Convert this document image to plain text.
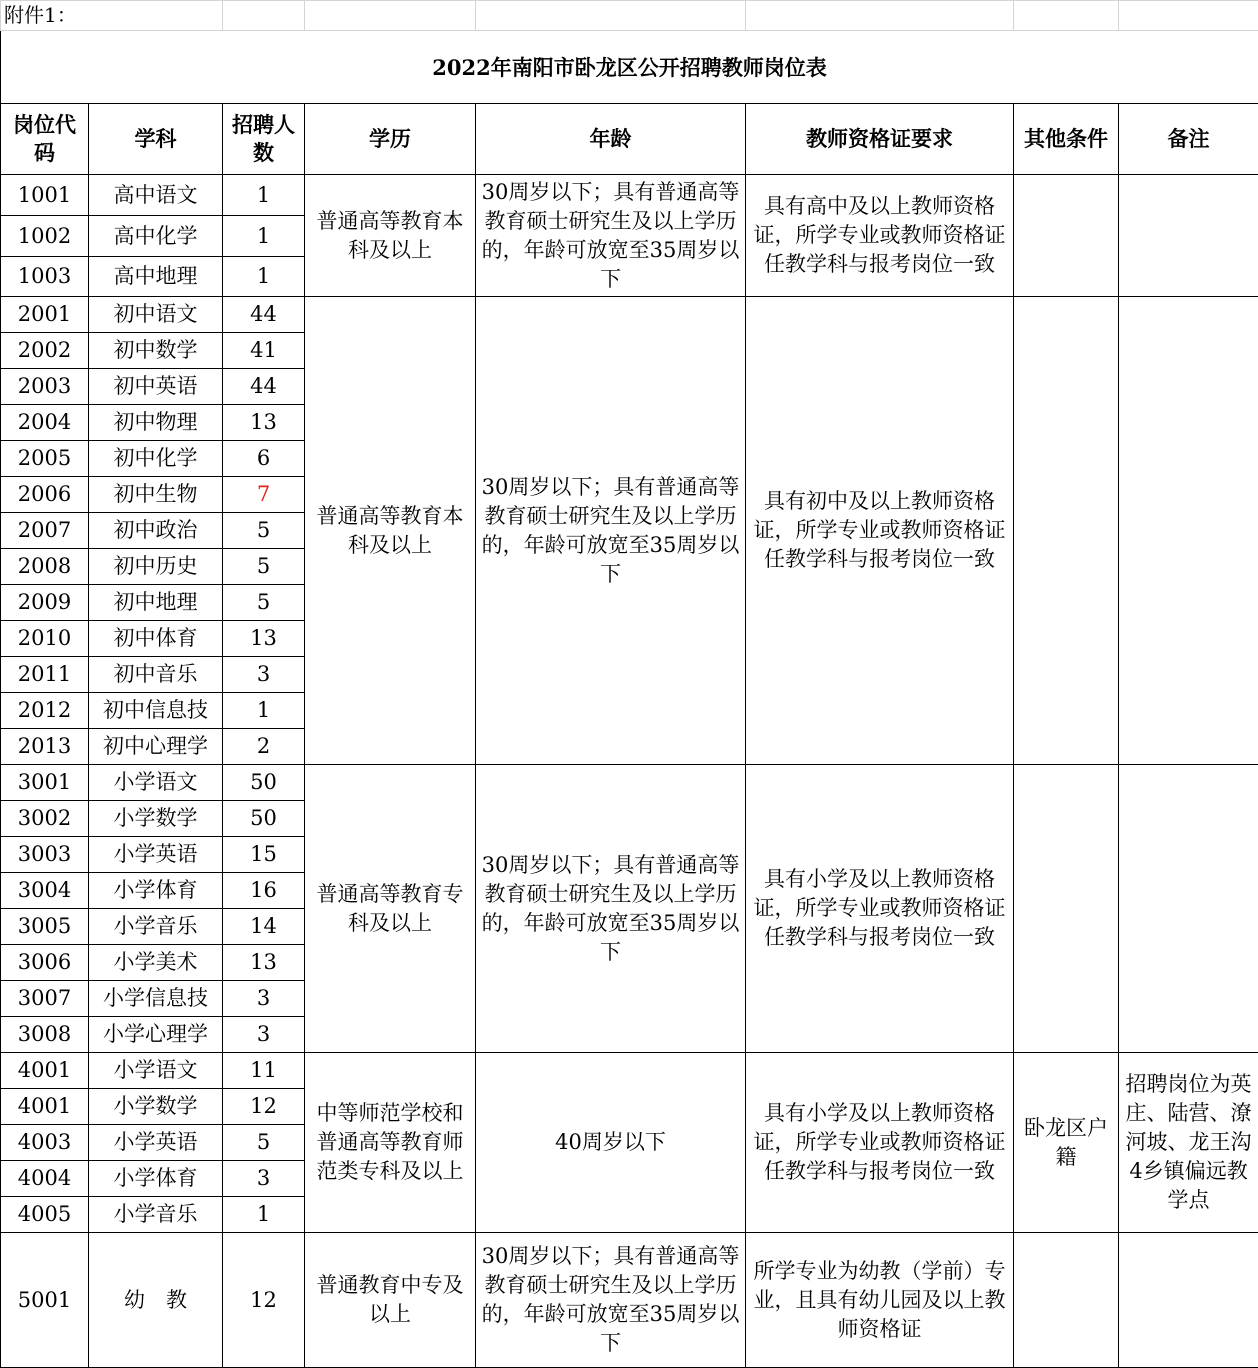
附件1：							
2022年南阳市卧龙区公开招聘教师岗位表							
岗位代码	学科	招聘人数	学历	年龄	教师资格证要求	其他条件	备注
1001	高中语文	1	普通高等教育本科及以上	30周岁以下；具有普通高等教育硕士研究生及以上学历的，年龄可放宽至35周岁以下	具有高中及以上教师资格证，所学专业或教师资格证任教学科与报考岗位一致		
1002	高中化学	1					
1003	高中地理	1					
2001	初中语文	44	普通高等教育本科及以上	30周岁以下；具有普通高等教育硕士研究生及以上学历的，年龄可放宽至35周岁以下	具有初中及以上教师资格证，所学专业或教师资格证任教学科与报考岗位一致		
2002	初中数学	41					
2003	初中英语	44					
2004	初中物理	13					
2005	初中化学	6					
2006	初中生物	7					
2007	初中政治	5					
2008	初中历史	5					
2009	初中地理	5					
2010	初中体育	13					
2011	初中音乐	3					
2012	初中信息技	1					
2013	初中心理学	2					
3001	小学语文	50	普通高等教育专科及以上	30周岁以下；具有普通高等教育硕士研究生及以上学历的，年龄可放宽至35周岁以下	具有小学及以上教师资格证，所学专业或教师资格证任教学科与报考岗位一致		
3002	小学数学	50					
3003	小学英语	15					
3004	小学体育	16					
3005	小学音乐	14					
3006	小学美术	13					
3007	小学信息技	3					
3008	小学心理学	3					
4001	小学语文	11	中等师范学校和普通高等教育师范类专科及以上	40周岁以下	具有小学及以上教师资格证，所学专业或教师资格证任教学科与报考岗位一致	卧龙区户籍	招聘岗位为英庄、陆营、潦河坡、龙王沟4乡镇偏远教学点
4001	小学数学	12					
4003	小学英语	5					
4004	小学体育	3					
4005	小学音乐	1					
5001	幼　教	12	普通教育中专及以上	30周岁以下；具有普通高等教育硕士研究生及以上学历的，年龄可放宽至35周岁以下	所学专业为幼教（学前）专业，且具有幼儿园及以上教师资格证		
